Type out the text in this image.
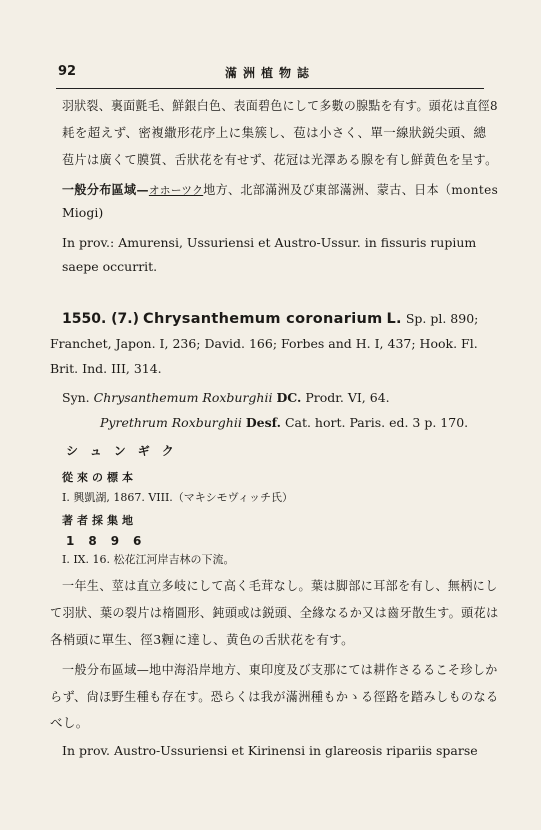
92	滿洲植物誌
羽狀裂、裏面氈毛、鮮銀白色、表面碧色にして多數の腺點を有す。頭花は直徑8
耗を超えず、密複繖形花序上に集簇し、苞は小さく、單一線狀鋭尖頭、總
苞片は廣くて膜質、舌狀花を有せず、花冠は光澤ある腺を有し鮮黄色を呈す。
一般分布區域—オホーツク地方、北部滿洲及び東部滿洲、蒙古、日本（montes
Miogi)
In prov.: Amurensi, Ussuriensi et Austro-Ussur. in fissuris rupium
saepe occurrit.
1550. (7.) Chrysanthemum coronarium L. Sp. pl. 890;
Franchet, Japon. I, 236; David. 166; Forbes and H. I, 437; Hook. Fl.
Brit. Ind. III, 314.
Syn. Chrysanthemum Roxburghii DC. Prodr. VI, 64.
Pyrethrum Roxburghii Desf. Cat. hort. Paris. ed. 3 p. 170.
シュンギク
從來の標本
I. 興凱湖, 1867. VIII.（マキシモヴィッチ氏）
著者採集地
1896
I. IX. 16. 松花江河岸吉林の下流。
一年生、莖は直立多岐にして高く毛茸なし。葉は脚部に耳部を有し、無柄にし
て羽狀、葉の裂片は楕圓形、鈍頭或は鋭頭、全緣なるか又は齒牙散生す。頭花は
各梢頭に單生、徑3糎に達し、黄色の舌狀花を有す。
一般分布區域—地中海沿岸地方、東印度及び支那にては耕作さるるこそ珍しか
らず、尙ほ野生種も存在す。恐らくは我が滿洲種もかゝる徑路を踏みしものなる
べし。
In prov. Austro-Ussuriensi et Kirinensi in glareosis ripariis sparse
